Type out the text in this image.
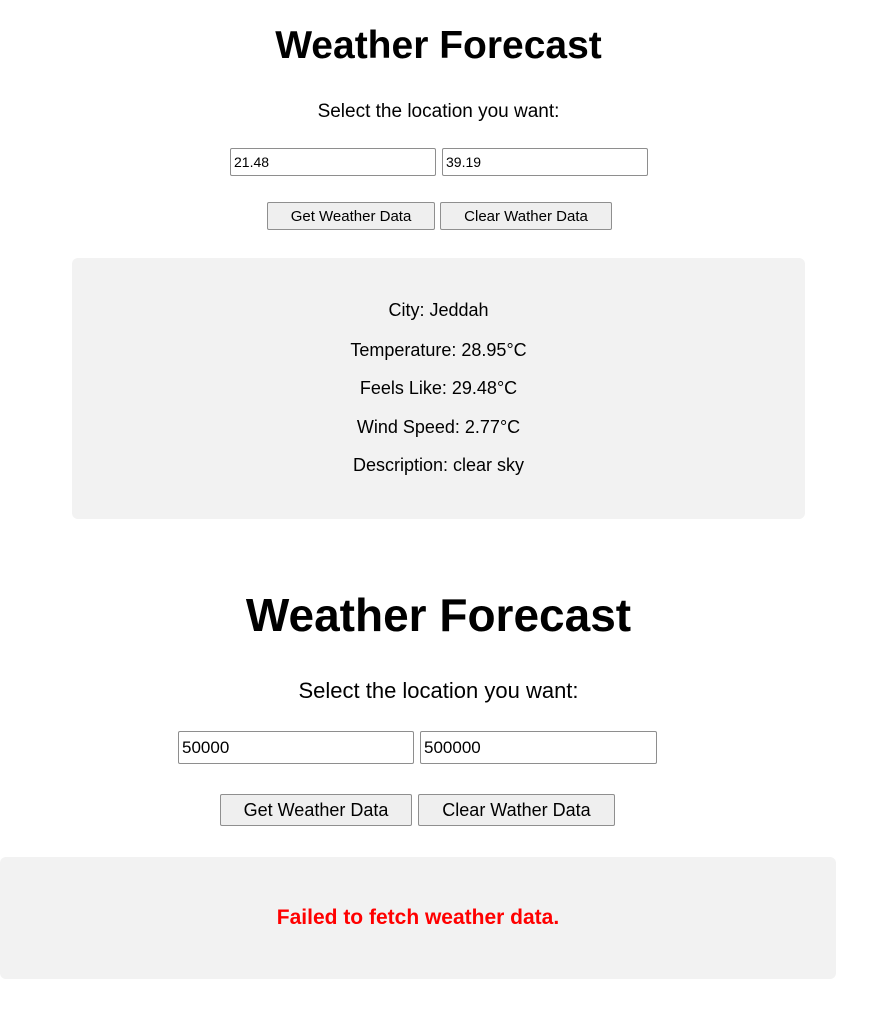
Weather Forecast

Select the location you want:

21.48
39.19
Get Weather Data	Clear Wather Data

City: Jeddah

Temperature: 28.95°C

Feels Like: 29.48°C

Wind Speed: 2.77°C

Description: clear sky

Weather Forecast

Select the location you want:

50000
500000
Get Weather Data	Clear Wather Data

Failed to fetch weather data.
